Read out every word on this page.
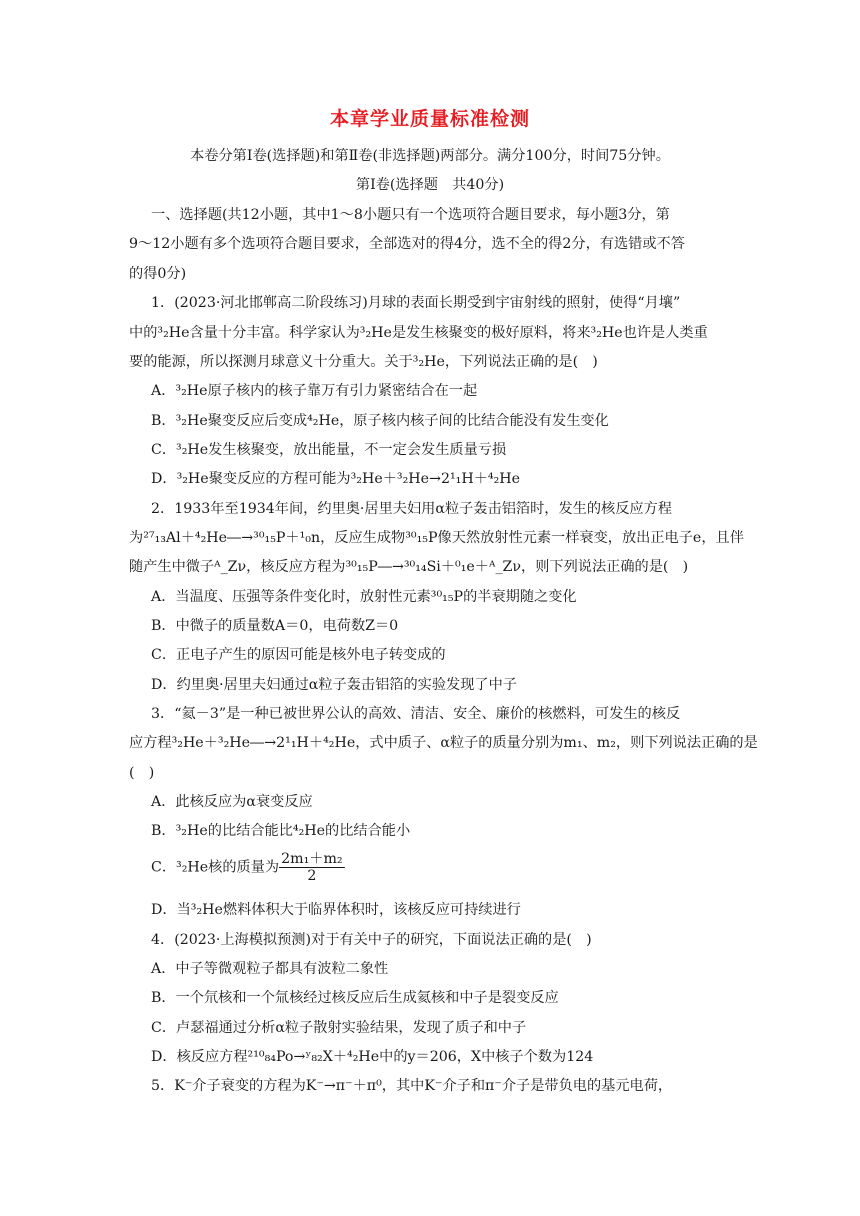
本章学业质量标准检测
本卷分第Ⅰ卷(选择题)和第Ⅱ卷(非选择题)两部分。满分100分，时间75分钟。
第Ⅰ卷(选择题　共40分)
一、选择题(共12小题，其中1～8小题只有一个选项符合题目要求，每小题3分，第
9～12小题有多个选项符合题目要求，全部选对的得4分，选不全的得2分，有选错或不答
的得0分)
1．(2023·河北邯郸高二阶段练习)月球的表面长期受到宇宙射线的照射，使得“月壤”
中的³₂He含量十分丰富。科学家认为³₂He是发生核聚变的极好原料，将来³₂He也许是人类重
要的能源，所以探测月球意义十分重大。关于³₂He，下列说法正确的是(　)
A．³₂He原子核内的核子靠万有引力紧密结合在一起
B．³₂He聚变反应后变成⁴₂He，原子核内核子间的比结合能没有发生变化
C．³₂He发生核聚变，放出能量，不一定会发生质量亏损
D．³₂He聚变反应的方程可能为³₂He＋³₂He→2¹₁H＋⁴₂He
2．1933年至1934年间，约里奥·居里夫妇用α粒子轰击铝箔时，发生的核反应方程
为²⁷₁₃Al＋⁴₂He―→³⁰₁₅P＋¹₀n，反应生成物³⁰₁₅P像天然放射性元素一样衰变，放出正电子e，且伴
随产生中微子ᴬ_Zν，核反应方程为³⁰₁₅P―→³⁰₁₄Si＋⁰₁e＋ᴬ_Zν，则下列说法正确的是(　)
A．当温度、压强等条件变化时，放射性元素³⁰₁₅P的半衰期随之变化
B．中微子的质量数A＝0，电荷数Z＝0
C．正电子产生的原因可能是核外电子转变成的
D．约里奥·居里夫妇通过α粒子轰击铝箔的实验发现了中子
3．“氦－3”是一种已被世界公认的高效、清洁、安全、廉价的核燃料，可发生的核反
应方程³₂He＋³₂He―→2¹₁H＋⁴₂He，式中质子、α粒子的质量分别为m₁、m₂，则下列说法正确的是
(　)
A．此核反应为α衰变反应
B．³₂He的比结合能比⁴₂He的比结合能小
C．³₂He核的质量为 $\frac{\text{2m₁＋m₂}}{2}$
D．当³₂He燃料体积大于临界体积时，该核反应可持续进行
4．(2023·上海模拟预测)对于有关中子的研究，下面说法正确的是(　)
A．中子等微观粒子都具有波粒二象性
B．一个氘核和一个氚核经过核反应后生成氦核和中子是裂变反应
C．卢瑟福通过分析α粒子散射实验结果，发现了质子和中子
D．核反应方程²¹⁰₈₄Po→ʸ₈₂X＋⁴₂He中的y＝206，X中核子个数为124
5．K⁻介子衰变的方程为K⁻→π⁻＋π⁰，其中K⁻介子和π⁻介子是带负电的基元电荷，
